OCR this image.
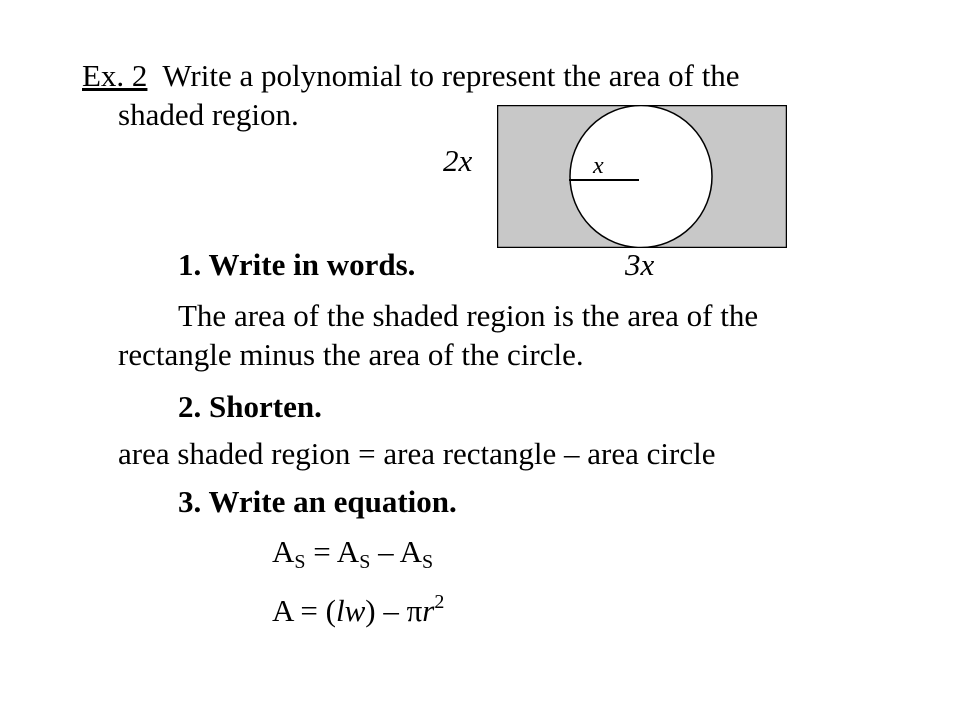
Ex. 2 Write a polynomial to represent the area of the
shaded region.
2x	x
1. Write in words.	3x
The area of the shaded region is the area of the
rectangle minus the area of the circle.
2. Shorten.
area shaded region = area rectangle – area circle
3. Write an equation.
$A_S = A_S - A_S$
$A = (lw) - \pi r^2$
